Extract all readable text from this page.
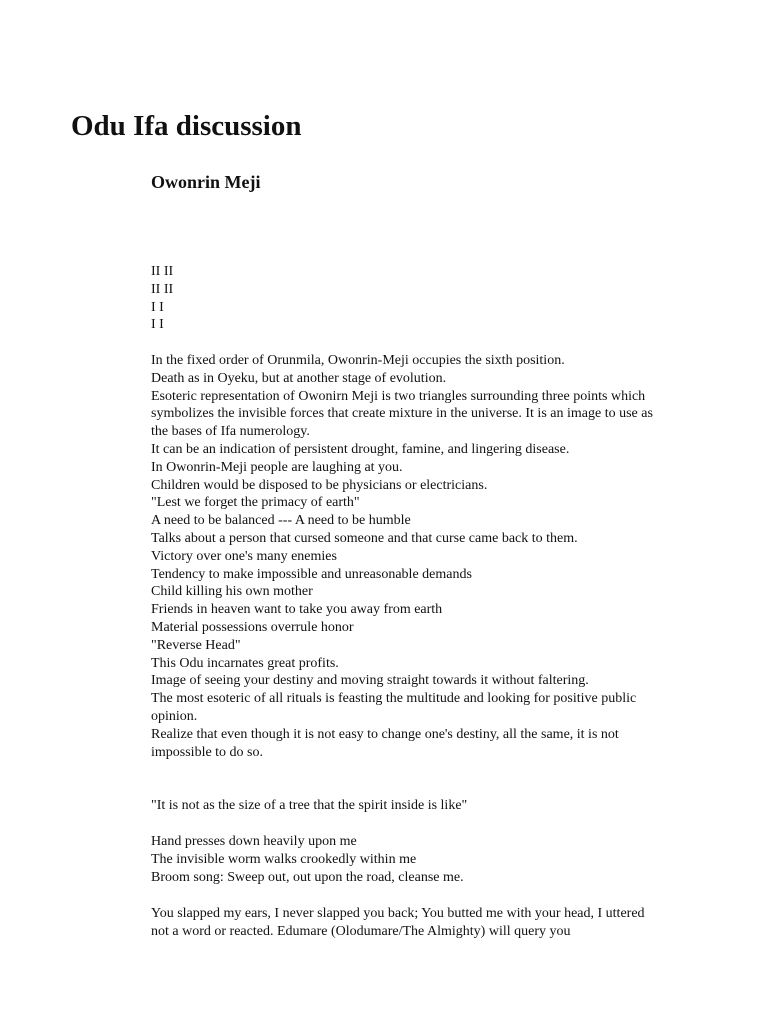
Odu Ifa discussion
Owonrin Meji
II II
II II
I I
I I
In the fixed order of Orunmila, Owonrin-Meji occupies the sixth position.
Death as in Oyeku, but at another stage of evolution.
Esoteric representation of Owonirn Meji is two triangles surrounding three points which symbolizes the invisible forces that create mixture in the universe. It is an image to use as the bases of Ifa numerology.
It can be an indication of persistent drought, famine, and lingering disease.
In Owonrin-Meji people are laughing at you.
Children would be disposed to be physicians or electricians.
"Lest we forget the primacy of earth"
A need to be balanced --- A need to be humble
Talks about a person that cursed someone and that curse came back to them.
Victory over one's many enemies
Tendency to make impossible and unreasonable demands
Child killing his own mother
Friends in heaven want to take you away from earth
Material possessions overrule honor
"Reverse Head"
This Odu incarnates great profits.
Image of seeing your destiny and moving straight towards it without faltering.
The most esoteric of all rituals is feasting the multitude and looking for positive public opinion.
Realize that even though it is not easy to change one's destiny, all the same, it is not impossible to do so.
"It is not as the size of a tree that the spirit inside is like"
Hand presses down heavily upon me
The invisible worm walks crookedly within me
Broom song: Sweep out, out upon the road, cleanse me.
You slapped my ears, I never slapped you back; You butted me with your head, I uttered not a word or reacted. Edumare (Olodumare/The Almighty) will query you
